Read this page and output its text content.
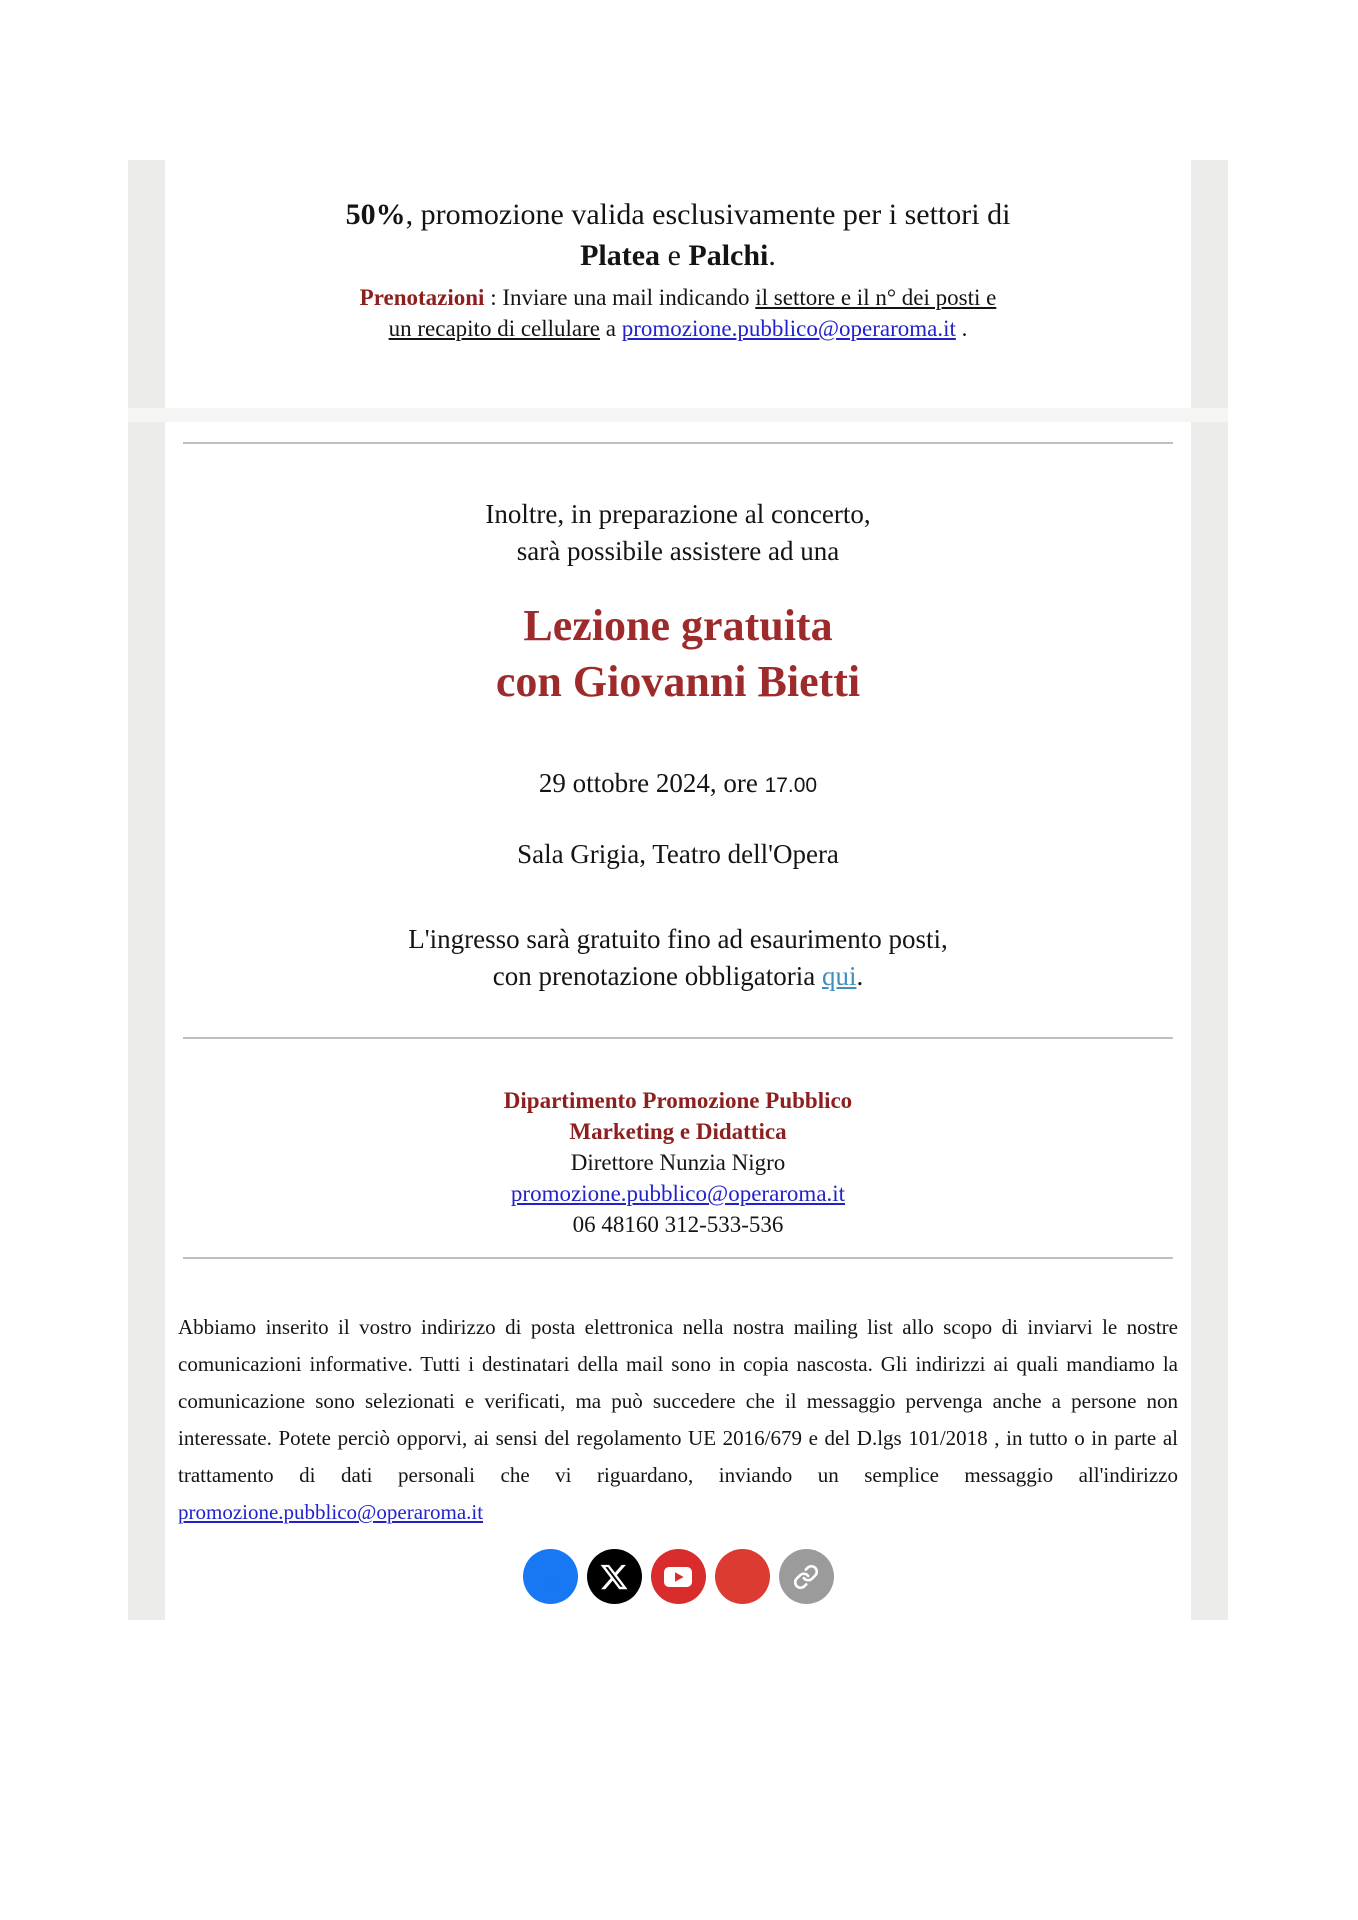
50%, promozione valida esclusivamente per i settori di
Platea e Palchi.

Prenotazioni : Inviare una mail indicando il settore e il n° dei posti e
un recapito di cellulare a promozione.pubblico@operaroma.it .

Inoltre, in preparazione al concerto,
sarà possibile assistere ad una

Lezione gratuita
con Giovanni Bietti

29 ottobre 2024, ore 17.00

Sala Grigia, Teatro dell'Opera

L'ingresso sarà gratuito fino ad esaurimento posti,
con prenotazione obbligatoria qui.

Dipartimento Promozione Pubblico
Marketing e Didattica
Direttore Nunzia Nigro
promozione.pubblico@operaroma.it
06 48160 312-533-536

Abbiamo inserito il vostro indirizzo di posta elettronica nella nostra mailing list allo scopo di inviarvi le nostre comunicazioni informative. Tutti i destinatari della mail sono in copia nascosta. Gli indirizzi ai quali mandiamo la comunicazione sono selezionati e verificati, ma può succedere che il messaggio pervenga anche a persone non interessate. Potete perciò opporvi, ai sensi del regolamento UE 2016/679 e del D.lgs 101/2018 , in tutto o in parte al trattamento di dati personali che vi riguardano, inviando un semplice messaggio all'indirizzo promozione.pubblico@operaroma.it

f	G+
